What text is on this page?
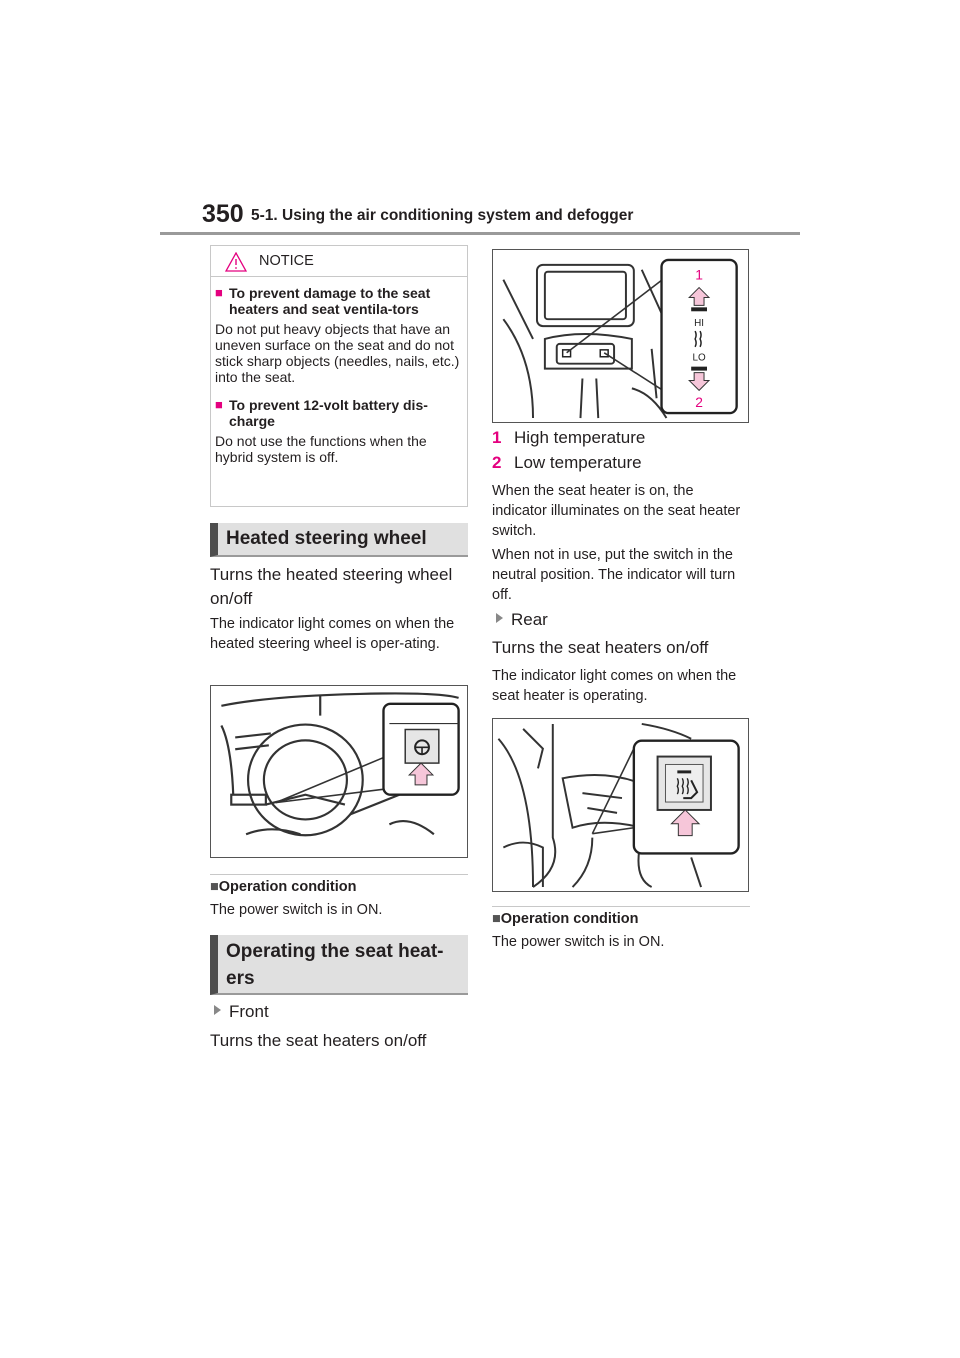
350 5-1. Using the air conditioning system and defogger
NOTICE
■ To prevent damage to the seat heaters and seat ventila-tors
Do not put heavy objects that have an uneven surface on the seat and do not stick sharp objects (needles, nails, etc.) into the seat.
■ To prevent 12-volt battery dis-charge
Do not use the functions when the hybrid system is off.
Heated steering wheel
Turns the heated steering wheel on/off
The indicator light comes on when the heated steering wheel is oper-ating.
■Operation condition
The power switch is in ON.
Operating the seat heat-ers
Front
Turns the seat heaters on/off
1
HI
LO
2
1 High temperature
2 Low temperature
When the seat heater is on, the indicator illuminates on the seat heater switch.
When not in use, put the switch in the neutral position. The indicator will turn off.
Rear
Turns the seat heaters on/off
The indicator light comes on when the seat heater is operating.
■Operation condition
The power switch is in ON.
